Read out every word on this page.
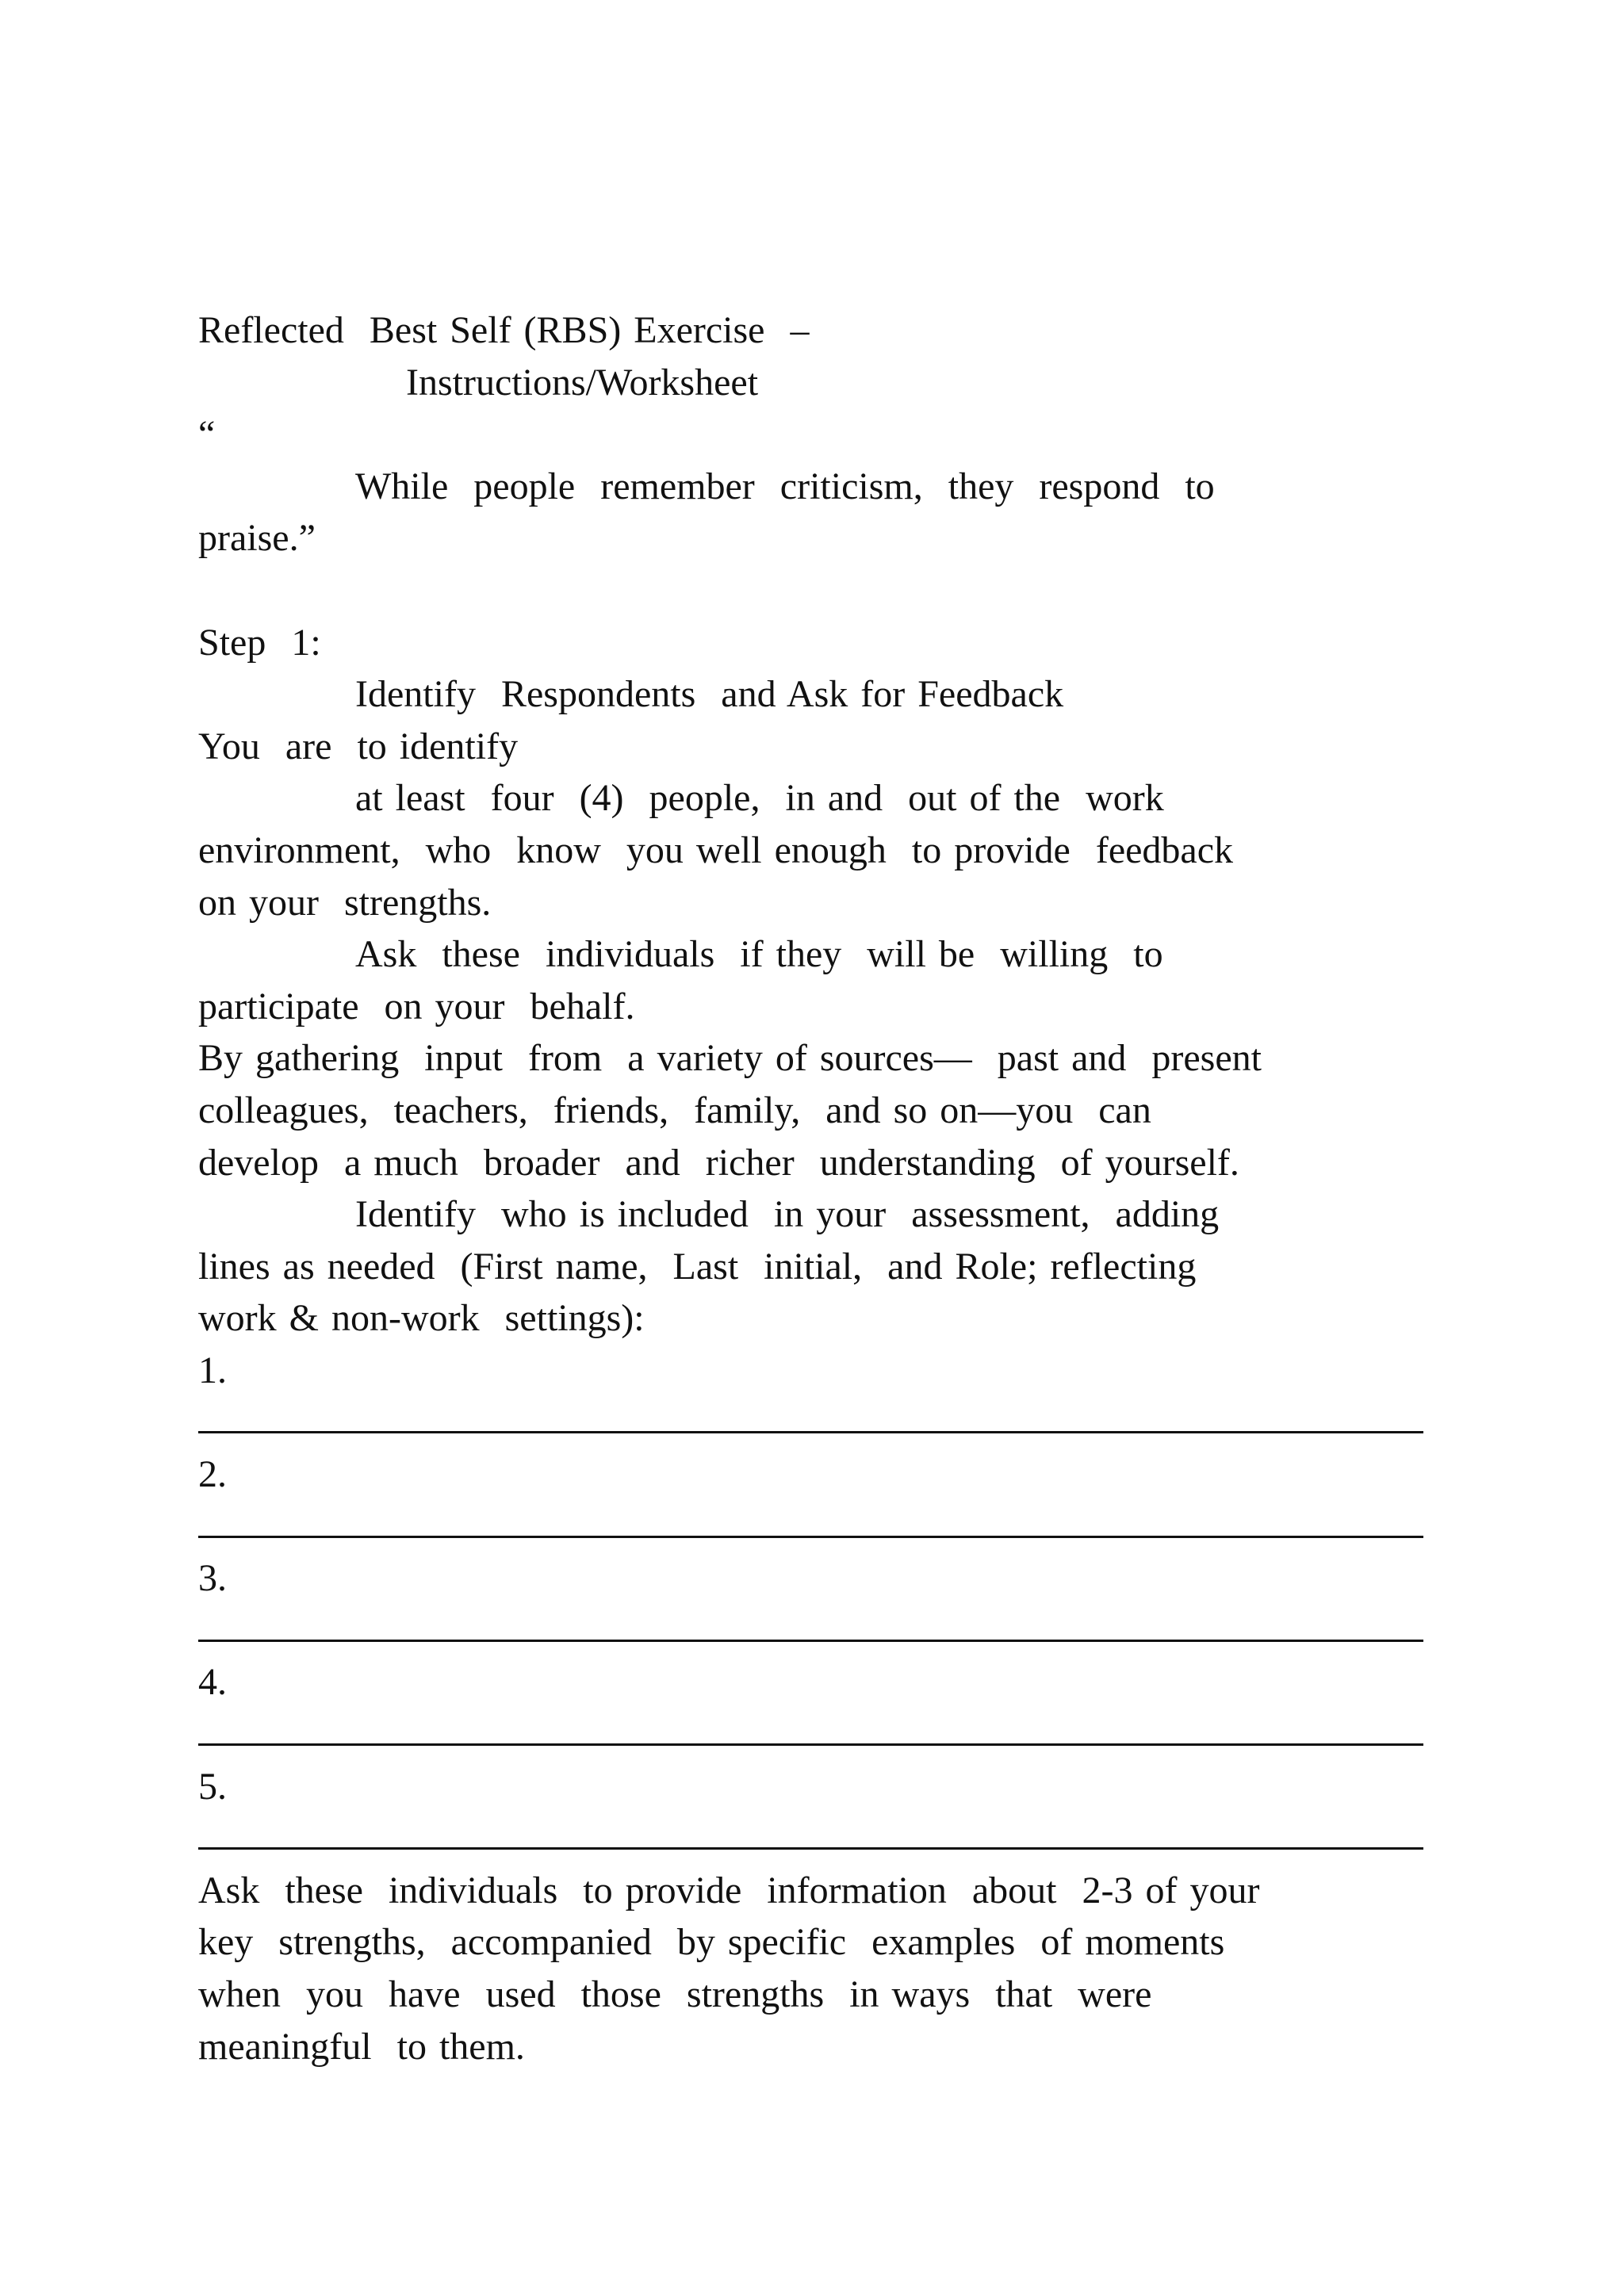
Reflected  Best Self (RBS) Exercise  –
Instructions/Worksheet
“
While  people  remember  criticism,  they  respond  to
praise.”
Step  1:
Identify  Respondents  and Ask for Feedback
You  are  to identify
at least  four  (4)  people,  in and  out of the  work
environment,  who  know  you well enough  to provide  feedback
on your  strengths.
Ask  these  individuals  if they  will be  willing  to
participate  on your  behalf.
By gathering  input  from  a variety of sources—  past and  present
colleagues,  teachers,  friends,  family,  and so on—you  can
develop  a much  broader  and  richer  understanding  of yourself.
Identify  who is included  in your  assessment,  adding
lines as needed  (First name,  Last  initial,  and Role; reflecting
work & non-work  settings):
1.
2.
3.
4.
5.
Ask  these  individuals  to provide  information  about  2-3 of your
key  strengths,  accompanied  by specific  examples  of moments
when  you  have  used  those  strengths  in ways  that  were
meaningful  to them.
